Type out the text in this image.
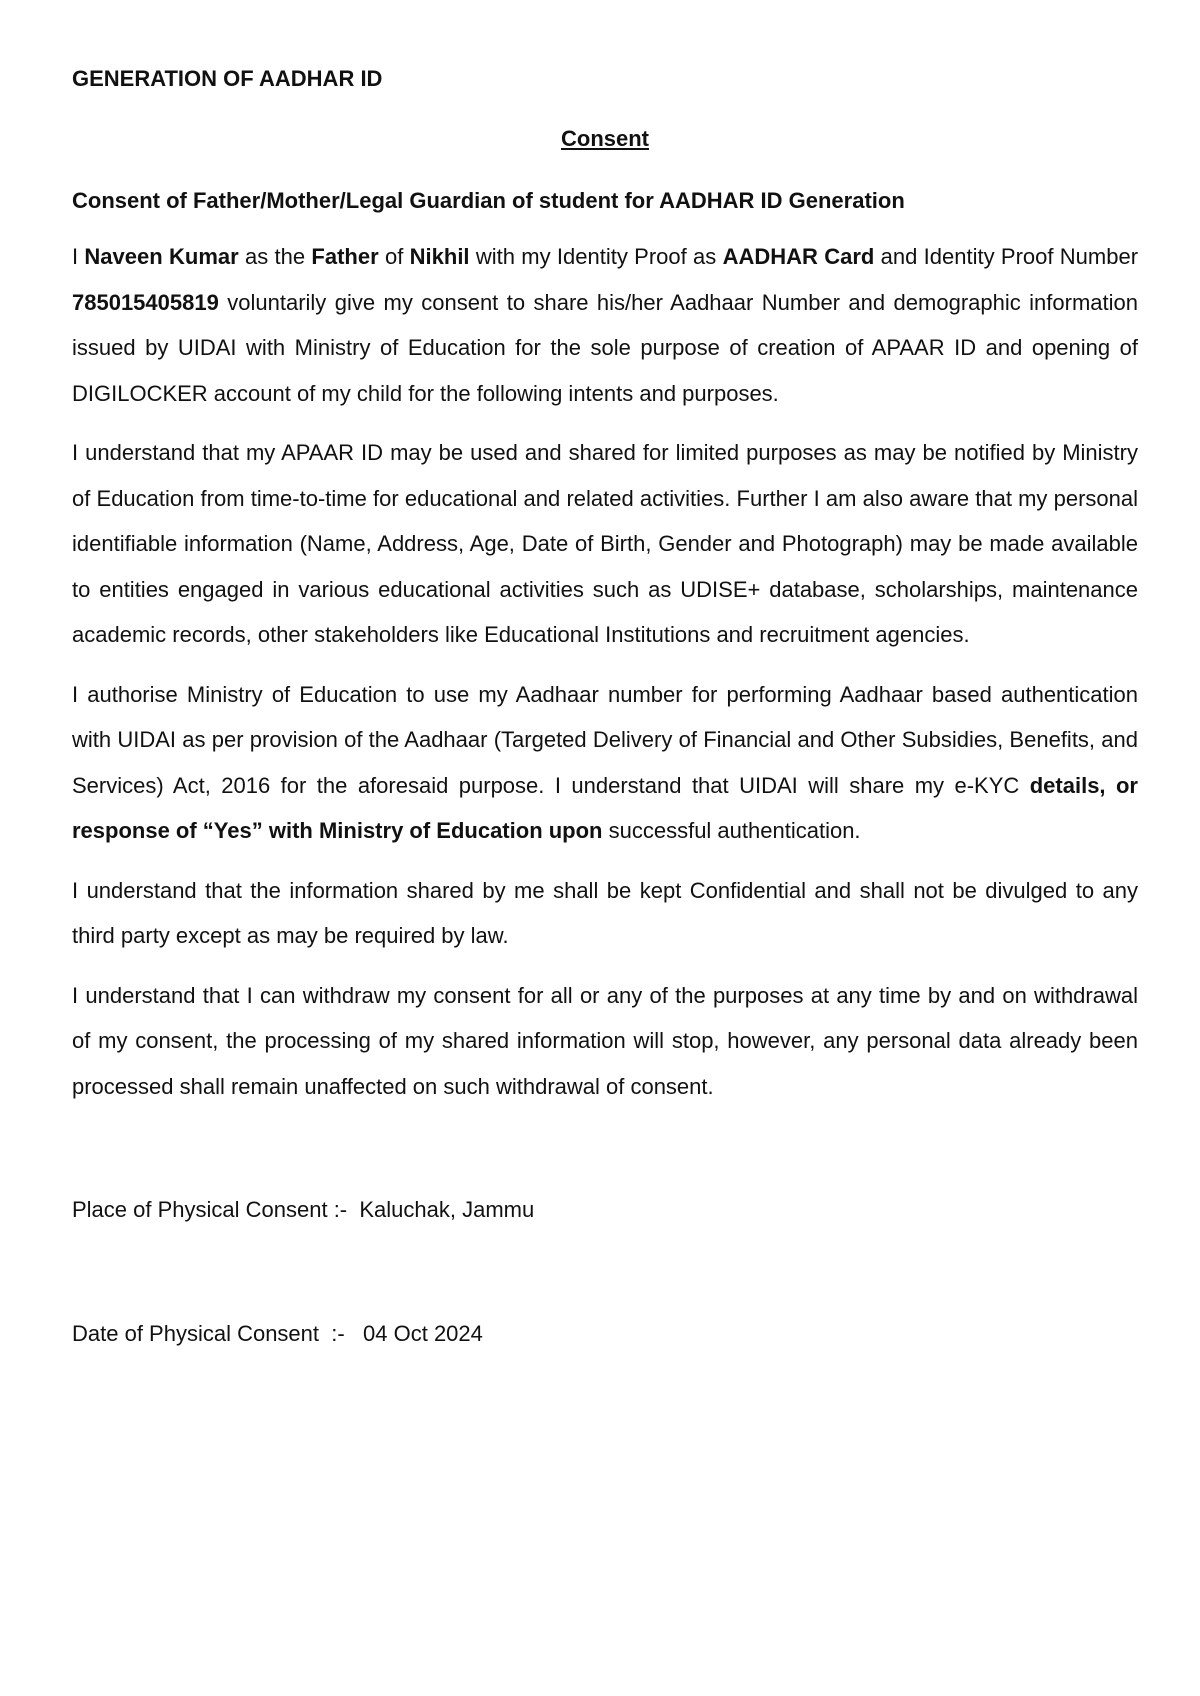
GENERATION OF AADHAR ID

Consent

Consent of Father/Mother/Legal Guardian of student for AADHAR ID Generation

I Naveen Kumar as the Father of Nikhil with my Identity Proof as AADHAR Card and Identity Proof Number 785015405819 voluntarily give my consent to share his/her Aadhaar Number and demographic information issued by UIDAI with Ministry of Education for the sole purpose of creation of APAAR ID and opening of DIGILOCKER account of my child for the following intents and purposes.

I understand that my APAAR ID may be used and shared for limited purposes as may be notified by Ministry of Education from time-to-time for educational and related activities. Further I am also aware that my personal identifiable information (Name, Address, Age, Date of Birth, Gender and Photograph) may be made available to entities engaged in various educational activities such as UDISE+ database, scholarships, maintenance academic records, other stakeholders like Educational Institutions and recruitment agencies.

I authorise Ministry of Education to use my Aadhaar number for performing Aadhaar based authentication with UIDAI as per provision of the Aadhaar (Targeted Delivery of Financial and Other Subsidies, Benefits, and Services) Act, 2016 for the aforesaid purpose. I understand that UIDAI will share my e-KYC details, or response of “Yes” with Ministry of Education upon successful authentication.

I understand that the information shared by me shall be kept Confidential and shall not be divulged to any third party except as may be required by law.

I understand that I can withdraw my consent for all or any of the purposes at any time by and on withdrawal of my consent, the processing of my shared information will stop, however, any personal data already been processed shall remain unaffected on such withdrawal of consent.

Place of Physical Consent :-  Kaluchak, Jammu

Date of Physical Consent  :-   04 Oct 2024
